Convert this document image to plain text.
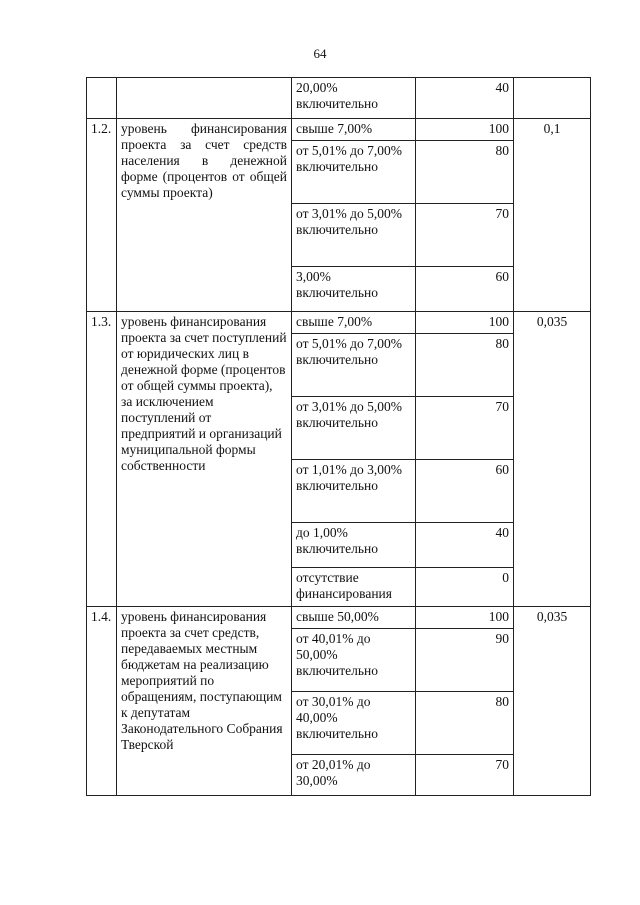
64
		20,00% включительно	40	
1.2.	уровень финансирования проекта за счет средств населения в денежной форме (процентов от общей суммы проекта)	свыше 7,00%	100	0,1
		от 5,01% до 7,00% включительно	80	
		от 3,01% до 5,00% включительно	70	
		3,00% включительно	60	
1.3.	уровень финансирования проекта за счет поступлений от юридических лиц в денежной форме (процентов от общей суммы проекта), за исключением поступлений от предприятий и организаций муниципальной формы собственности	свыше 7,00%	100	0,035
		от 5,01% до 7,00% включительно	80	
		от 3,01% до 5,00% включительно	70	
		от 1,01% до 3,00% включительно	60	
		до 1,00% включительно	40	
		отсутствие финансирования	0	
1.4.	уровень финансирования проекта за счет средств, передаваемых местным бюджетам на реализацию мероприятий по обращениям, поступающим к депутатам Законодательного Собрания Тверской	свыше 50,00%	100	0,035
		от 40,01% до 50,00% включительно	90	
		от 30,01% до 40,00% включительно	80	
		от 20,01% до 30,00%	70	
